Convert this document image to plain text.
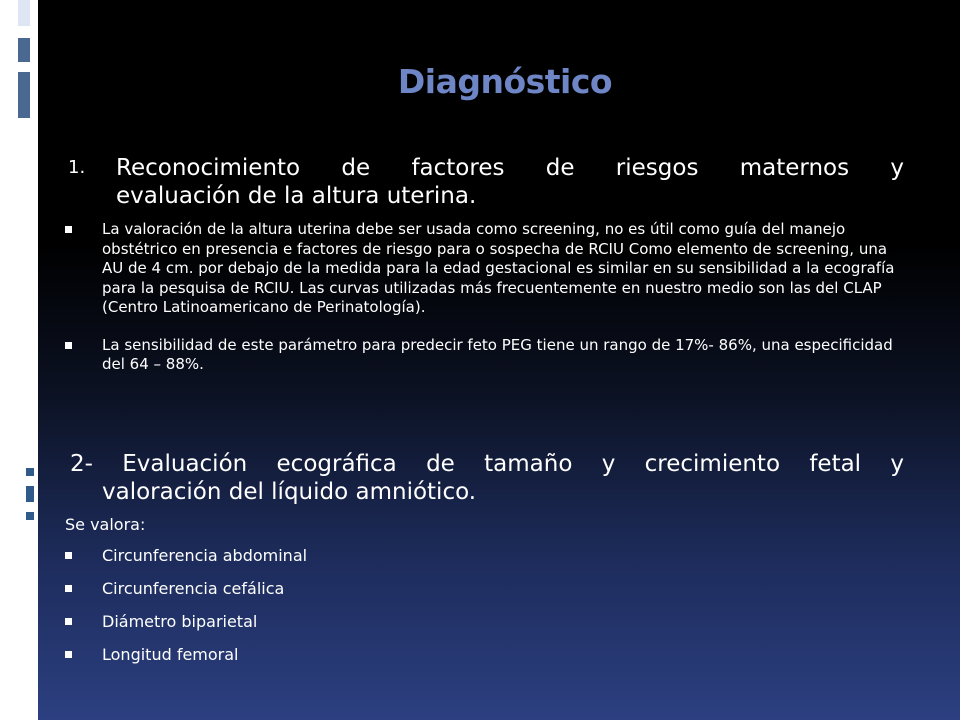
Diagnóstico
1. Reconocimiento de factores de riesgos maternos y
evaluación de la altura uterina.
La valoración de la altura uterina debe ser usada como screening, no es útil como guía del manejo obstétrico en presencia e factores de riesgo para o sospecha de RCIU Como elemento de screening, una AU de 4 cm. por debajo de la medida para la edad gestacional es similar en su sensibilidad a la ecografía para la pesquisa de RCIU. Las curvas utilizadas más frecuentemente en nuestro medio son las del CLAP (Centro Latinoamericano de Perinatología).
La sensibilidad de este parámetro para predecir feto PEG tiene un rango de 17%- 86%, una especificidad del 64 – 88%.
2- Evaluación ecográfica de tamaño y crecimiento fetal y
valoración del líquido amniótico.
Se valora:
Circunferencia abdominal
Circunferencia cefálica
Diámetro biparietal
Longitud femoral
